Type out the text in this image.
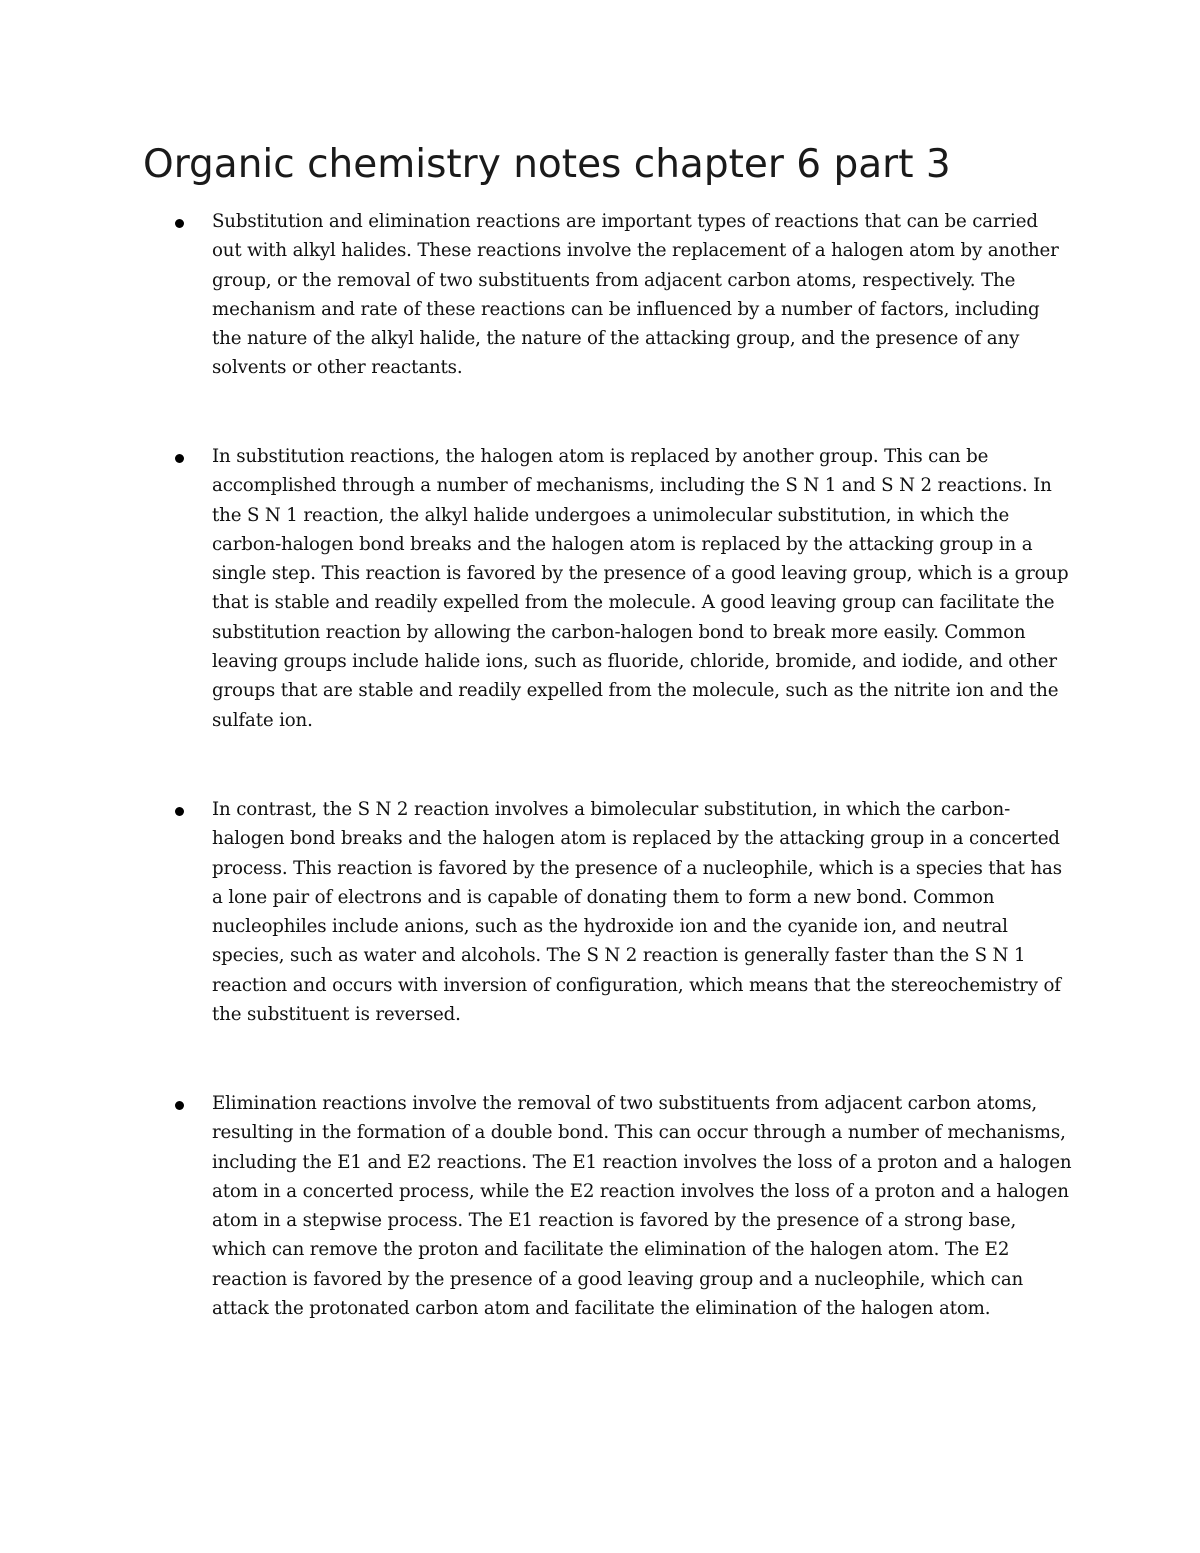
Organic chemistry notes chapter 6 part 3

Substitution and elimination reactions are important types of reactions that can be carried out with alkyl halides. These reactions involve the replacement of a halogen atom by another group, or the removal of two substituents from adjacent carbon atoms, respectively. The mechanism and rate of these reactions can be influenced by a number of factors, including the nature of the alkyl halide, the nature of the attacking group, and the presence of any solvents or other reactants.

In substitution reactions, the halogen atom is replaced by another group. This can be accomplished through a number of mechanisms, including the S N 1 and S N 2 reactions. In the S N 1 reaction, the alkyl halide undergoes a unimolecular substitution, in which the carbon-halogen bond breaks and the halogen atom is replaced by the attacking group in a single step. This reaction is favored by the presence of a good leaving group, which is a group that is stable and readily expelled from the molecule. A good leaving group can facilitate the substitution reaction by allowing the carbon-halogen bond to break more easily. Common leaving groups include halide ions, such as fluoride, chloride, bromide, and iodide, and other groups that are stable and readily expelled from the molecule, such as the nitrite ion and the sulfate ion.

In contrast, the S N 2 reaction involves a bimolecular substitution, in which the carbon-halogen bond breaks and the halogen atom is replaced by the attacking group in a concerted process. This reaction is favored by the presence of a nucleophile, which is a species that has a lone pair of electrons and is capable of donating them to form a new bond. Common nucleophiles include anions, such as the hydroxide ion and the cyanide ion, and neutral species, such as water and alcohols. The S N 2 reaction is generally faster than the S N 1 reaction and occurs with inversion of configuration, which means that the stereochemistry of the substituent is reversed.

Elimination reactions involve the removal of two substituents from adjacent carbon atoms, resulting in the formation of a double bond. This can occur through a number of mechanisms, including the E1 and E2 reactions. The E1 reaction involves the loss of a proton and a halogen atom in a concerted process, while the E2 reaction involves the loss of a proton and a halogen atom in a stepwise process. The E1 reaction is favored by the presence of a strong base, which can remove the proton and facilitate the elimination of the halogen atom. The E2 reaction is favored by the presence of a good leaving group and a nucleophile, which can attack the protonated carbon atom and facilitate the elimination of the halogen atom.
